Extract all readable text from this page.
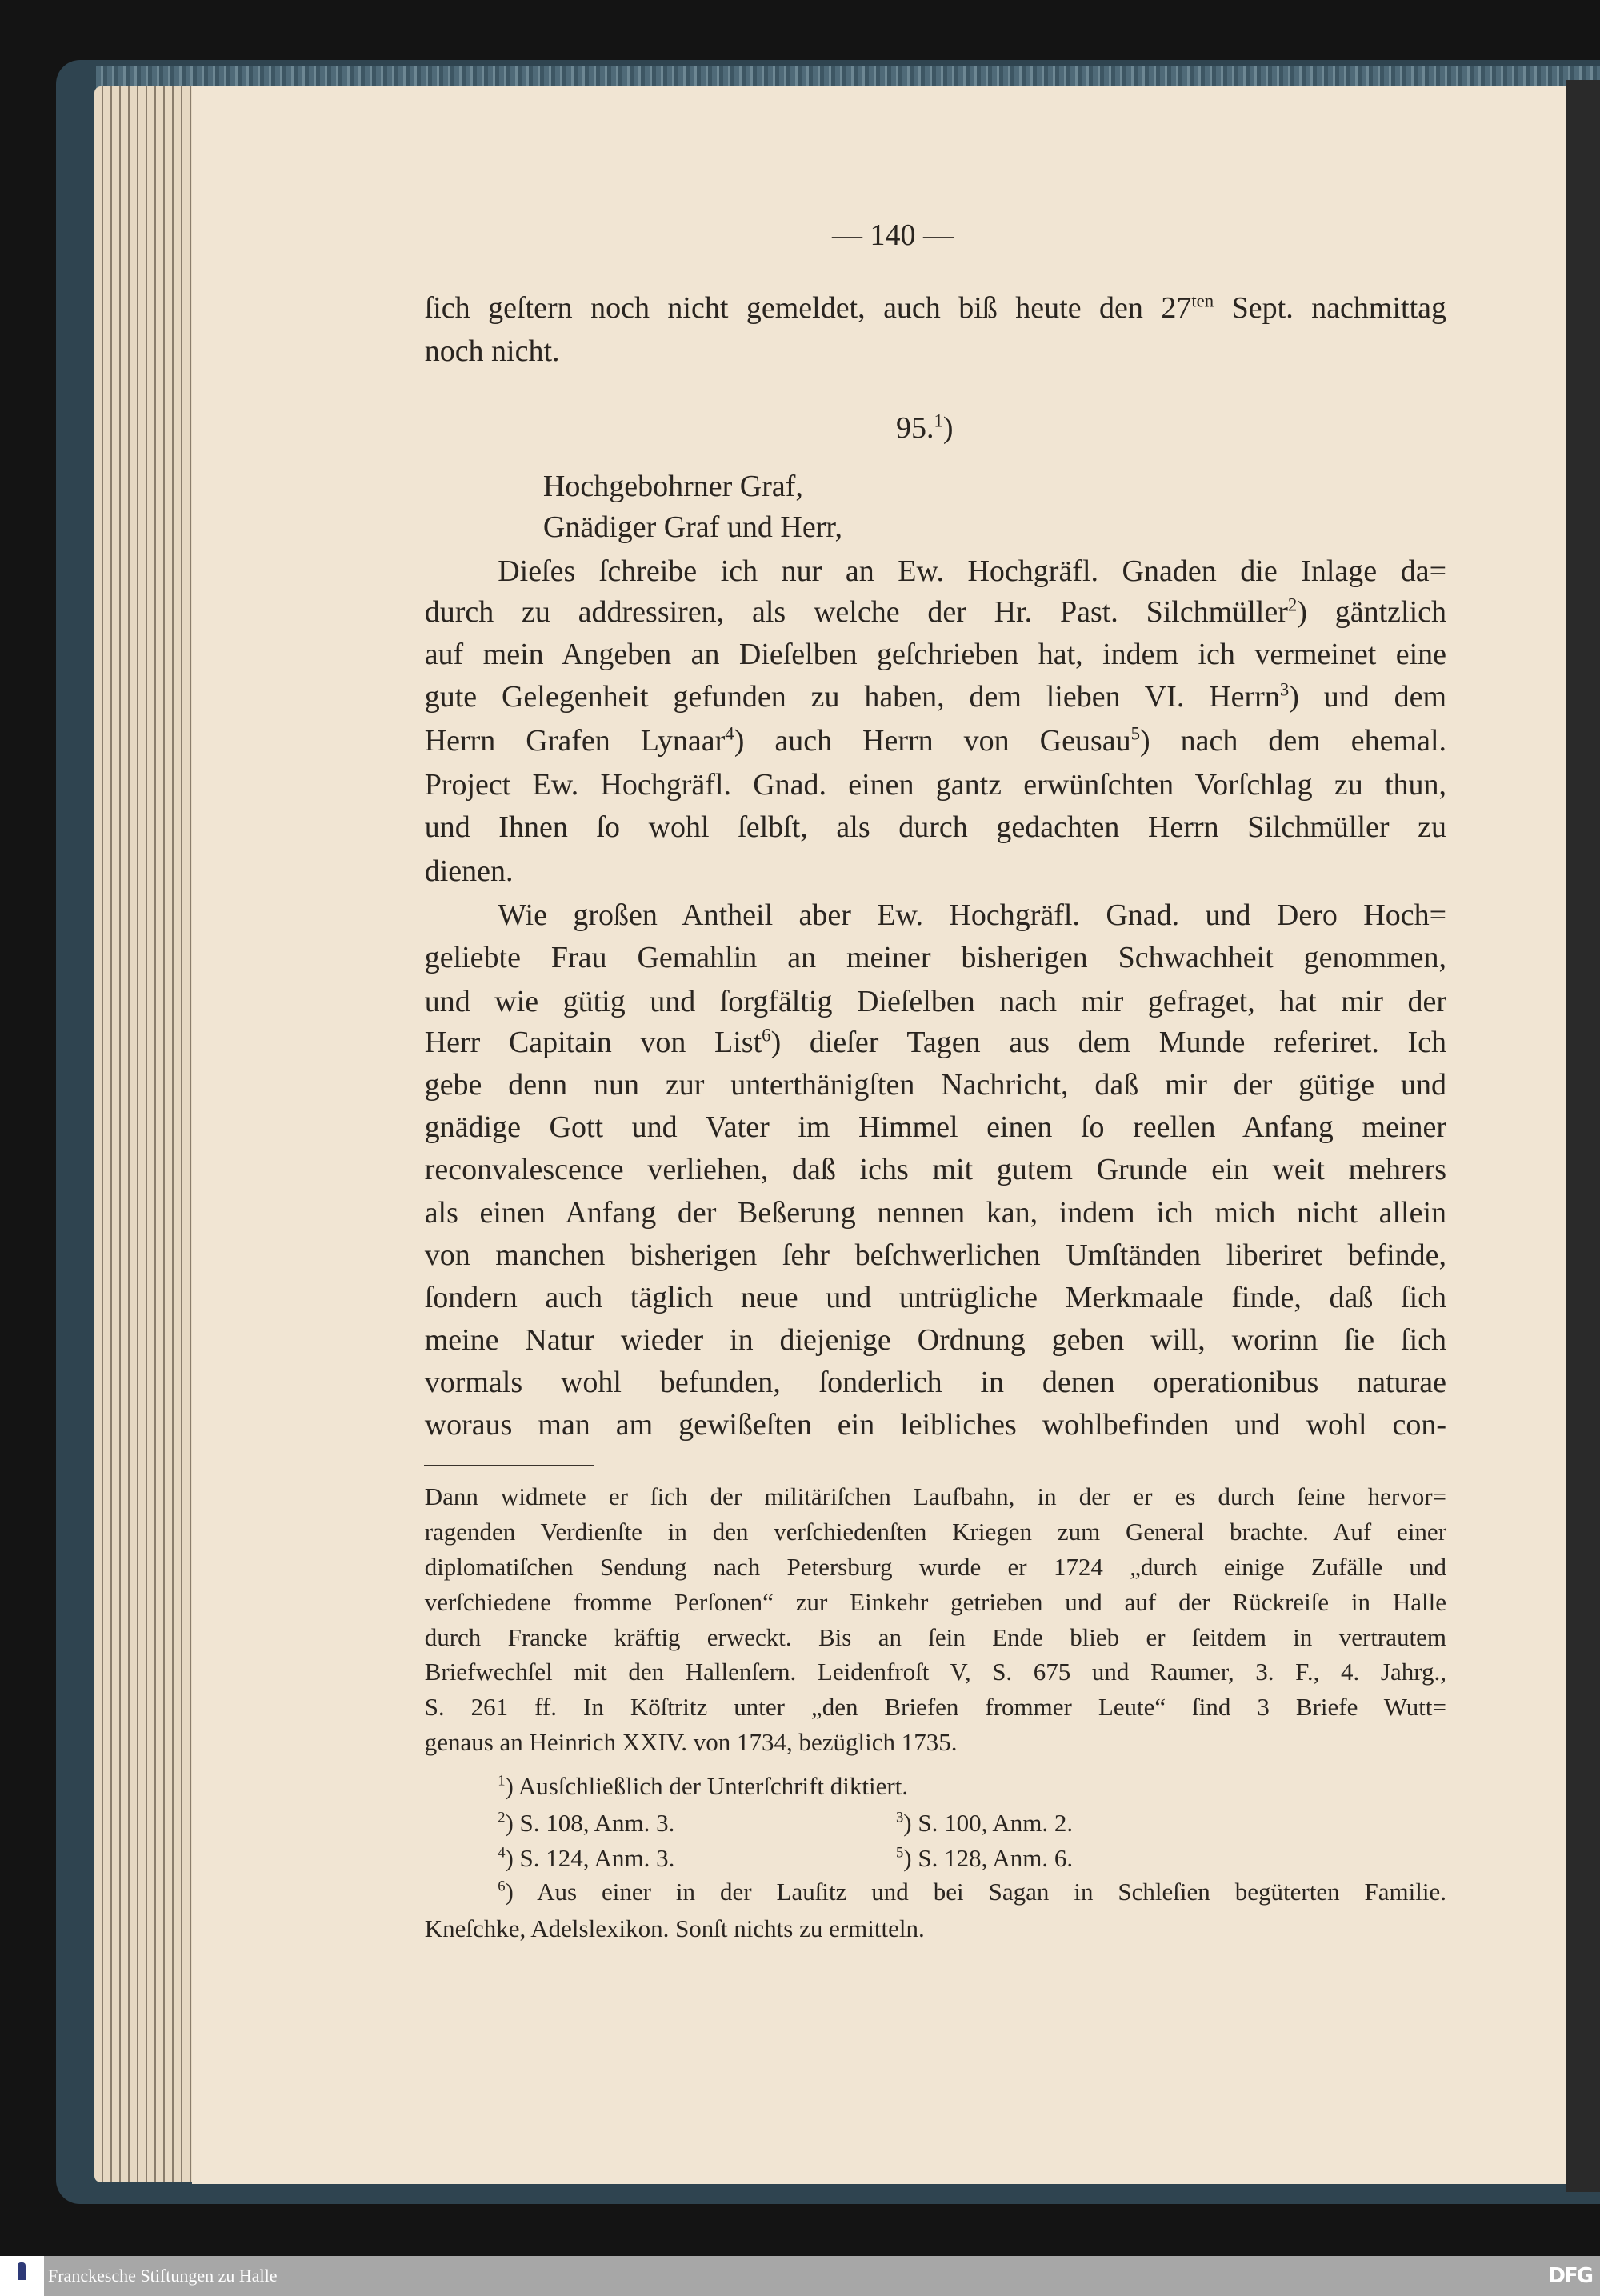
— 140 —
ſich geſtern noch nicht gemeldet, auch biß heute den $27^{ten}$ Sept. nachmittag
noch nicht.
95.$^1$)
Hochgebohrner Graf,
Gnädiger Graf und Herr,
Dieſes ſchreibe ich nur an Ew. Hochgräfl. Gnaden die Inlage da=
durch zu addressiren, als welche der Hr. Past. Silchmüller$^2$) gäntzlich
auf mein Angeben an Dieſelben geſchrieben hat, indem ich vermeinet eine
gute Gelegenheit gefunden zu haben, dem lieben VI. Herrn$^3$) und dem
Herrn Grafen Lynaar$^4$) auch Herrn von Geusau$^5$) nach dem ehemal.
Project Ew. Hochgräfl. Gnad. einen gantz erwünſchten Vorſchlag zu thun,
und Ihnen ſo wohl ſelbſt, als durch gedachten Herrn Silchmüller zu
dienen.
Wie großen Antheil aber Ew. Hochgräfl. Gnad. und Dero Hoch=
geliebte Frau Gemahlin an meiner bisherigen Schwachheit genommen,
und wie gütig und ſorgfältig Dieſelben nach mir gefraget, hat mir der
Herr Capitain von List$^6$) dieſer Tagen aus dem Munde referiret. Ich
gebe denn nun zur unterthänigſten Nachricht, daß mir der gütige und
gnädige Gott und Vater im Himmel einen ſo reellen Anfang meiner
reconvalescence verliehen, daß ichs mit gutem Grunde ein weit mehrers
als einen Anfang der Beßerung nennen kan, indem ich mich nicht allein
von manchen bisherigen ſehr beſchwerlichen Umſtänden liberiret befinde,
ſondern auch täglich neue und untrügliche Merkmaale finde, daß ſich
meine Natur wieder in diejenige Ordnung geben will, worinn ſie ſich
vormals wohl befunden, ſonderlich in denen operationibus naturae
woraus man am gewißeſten ein leibliches wohlbefinden und wohl con-
Dann widmete er ſich der militäriſchen Laufbahn, in der er es durch ſeine hervor=
ragenden Verdienſte in den verſchiedenſten Kriegen zum General brachte. Auf einer
diplomatiſchen Sendung nach Petersburg wurde er 1724 „durch einige Zufälle und
verſchiedene fromme Perſonen“ zur Einkehr getrieben und auf der Rückreiſe in Halle
durch Francke kräftig erweckt. Bis an ſein Ende blieb er ſeitdem in vertrautem
Briefwechſel mit den Hallenſern. Leidenfroſt V, S. 675 und Raumer, 3. F., 4. Jahrg.,
S. 261 ff. In Köſtritz unter „den Briefen frommer Leute“ ſind 3 Briefe Wutt=
genaus an Heinrich XXIV. von 1734, bezüglich 1735.
$^1$) Ausſchließlich der Unterſchrift diktiert.
$^2$) S. 108, Anm. 3.	$^3$) S. 100, Anm. 2.
$^4$) S. 124, Anm. 3.	$^5$) S. 128, Anm. 6.
$^6$) Aus einer in der Lauſitz und bei Sagan in Schleſien begüterten Familie.
Kneſchke, Adelslexikon. Sonſt nichts zu ermitteln.
Franckesche Stiftungen zu Halle	DFG
